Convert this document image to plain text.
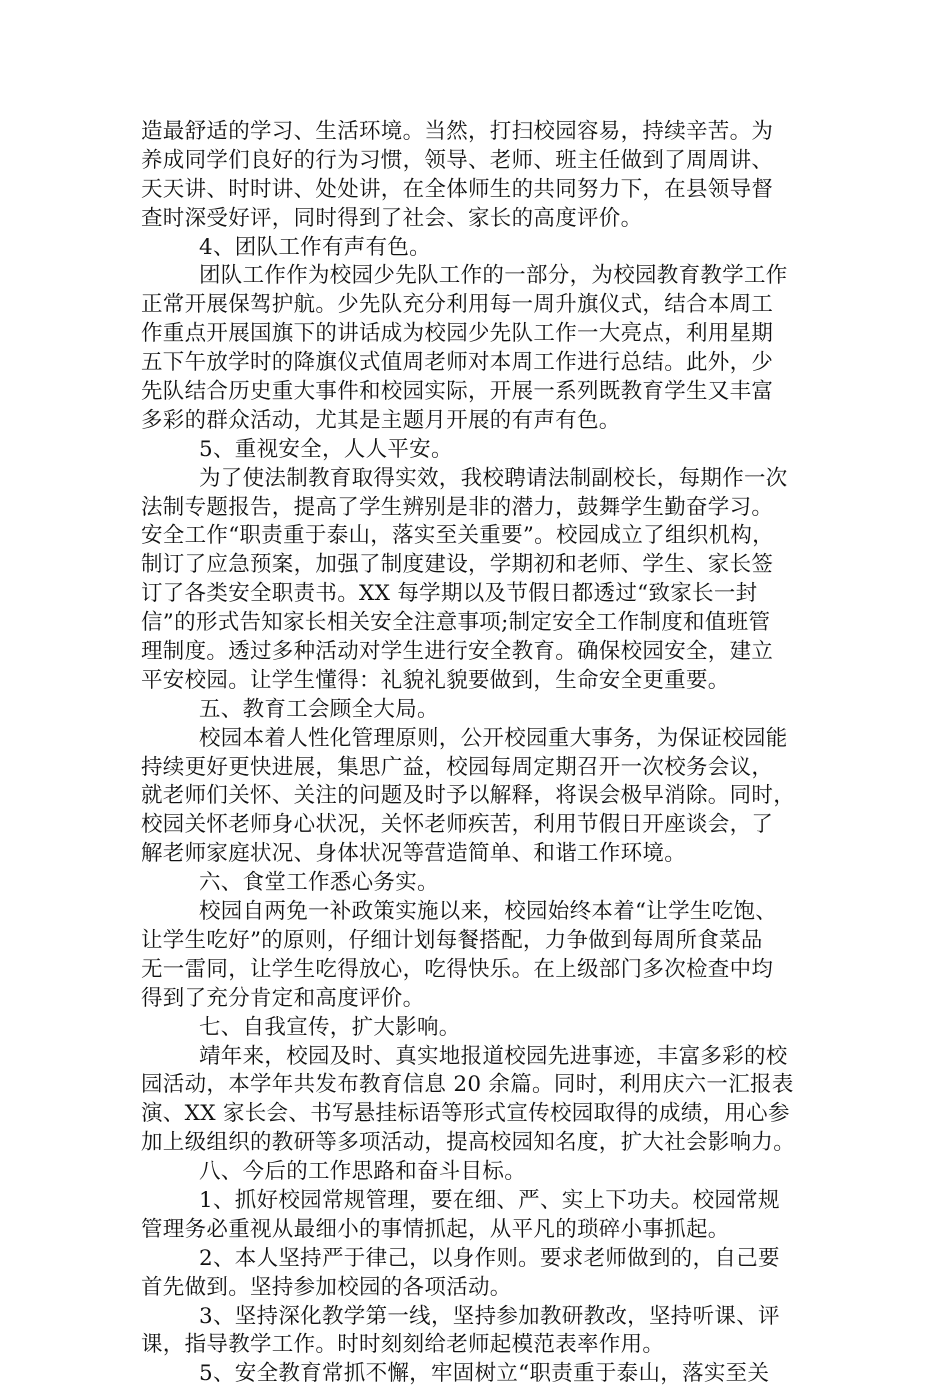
造最舒适的学习、生活环境。当然，打扫校园容易，持续辛苦。为
养成同学们良好的行为习惯，领导、老师、班主任做到了周周讲、
天天讲、时时讲、处处讲，在全体师生的共同努力下，在县领导督
查时深受好评，同时得到了社会、家长的高度评价。
4、团队工作有声有色。
团队工作作为校园少先队工作的一部分，为校园教育教学工作
正常开展保驾护航。少先队充分利用每一周升旗仪式，结合本周工
作重点开展国旗下的讲话成为校园少先队工作一大亮点，利用星期
五下午放学时的降旗仪式值周老师对本周工作进行总结。此外，少
先队结合历史重大事件和校园实际，开展一系列既教育学生又丰富
多彩的群众活动，尤其是主题月开展的有声有色。
5、重视安全，人人平安。
为了使法制教育取得实效，我校聘请法制副校长，每期作一次
法制专题报告，提高了学生辨别是非的潜力，鼓舞学生勤奋学习。
安全工作“职责重于泰山，落实至关重要”。校园成立了组织机构，
制订了应急预案，加强了制度建设，学期初和老师、学生、家长签
订了各类安全职责书。XX 每学期以及节假日都透过“致家长一封
信”的形式告知家长相关安全注意事项;制定安全工作制度和值班管
理制度。透过多种活动对学生进行安全教育。确保校园安全，建立
平安校园。让学生懂得：礼貌礼貌要做到，生命安全更重要。
五、教育工会顾全大局。
校园本着人性化管理原则，公开校园重大事务，为保证校园能
持续更好更快进展，集思广益，校园每周定期召开一次校务会议，
就老师们关怀、关注的问题及时予以解释，将误会极早消除。同时，
校园关怀老师身心状况，关怀老师疾苦，利用节假日开座谈会，了
解老师家庭状况、身体状况等营造简单、和谐工作环境。
六、食堂工作悉心务实。
校园自两免一补政策实施以来，校园始终本着“让学生吃饱、
让学生吃好”的原则，仔细计划每餐搭配，力争做到每周所食菜品
无一雷同，让学生吃得放心，吃得快乐。在上级部门多次检查中均
得到了充分肯定和高度评价。
七、自我宣传，扩大影响。
靖年来，校园及时、真实地报道校园先进事迹，丰富多彩的校
园活动，本学年共发布教育信息 20 余篇。同时，利用庆六一汇报表
演、XX 家长会、书写悬挂标语等形式宣传校园取得的成绩，用心参
加上级组织的教研等多项活动，提高校园知名度，扩大社会影响力。
八、今后的工作思路和奋斗目标。
1、抓好校园常规管理，要在细、严、实上下功夫。校园常规
管理务必重视从最细小的事情抓起，从平凡的琐碎小事抓起。
2、本人坚持严于律己，以身作则。要求老师做到的，自己要
首先做到。坚持参加校园的各项活动。
3、坚持深化教学第一线，坚持参加教研教改，坚持听课、评
课，指导教学工作。时时刻刻给老师起模范表率作用。
5、安全教育常抓不懈，牢固树立“职责重于泰山，落实至关
